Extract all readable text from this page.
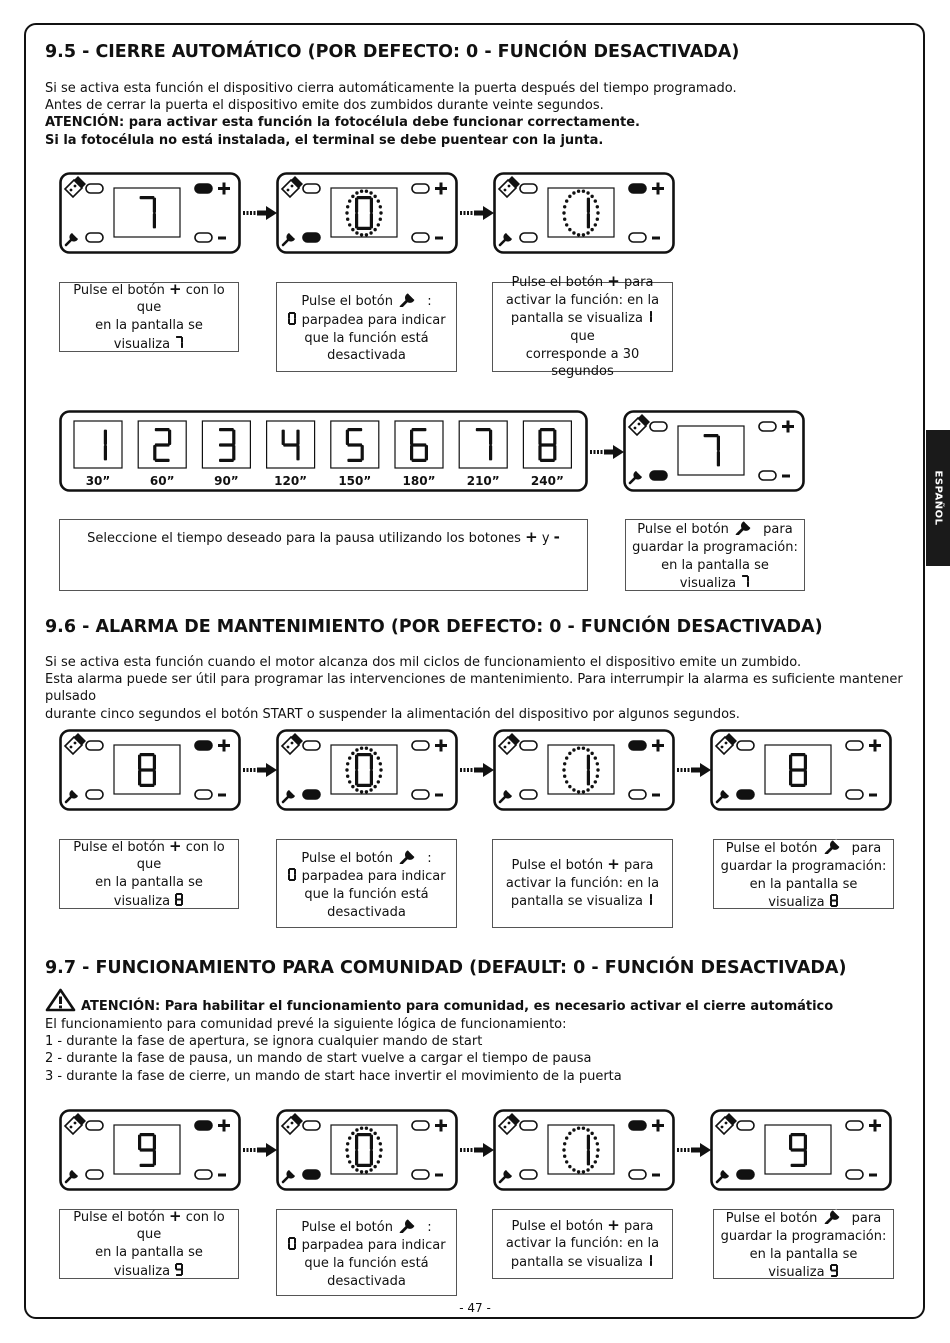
ESPAÑOL
9.5 - CIERRE AUTOMÁTICO (POR DEFECTO: 0 - FUNCIÓN DESACTIVADA)

Si se activa esta función el dispositivo cierra automáticamente la puerta después del tiempo programado.

Antes de cerrar la puerta el dispositivo emite dos zumbidos durante veinte segundos.

ATENCIÓN: para activar esta función la fotocélula debe funcionar correctamente.

Si la fotocélula no está instalada, el terminal se debe puentear con la junta.

Pulse el botón + con lo que
en la pantalla se visualiza
Pulse el botón  :
parpadea para indicar
que la función está
desactivada
Pulse el botón + para
activar la función: en la
pantalla se visualiza  que
corresponde a 30 segundos
30”	60”	90”	120”	150”	180”	210”	240”
Seleccione el tiempo deseado para la pausa utilizando los botones + y -	Pulse el botón	para
guardar la programación:
en la pantalla se visualiza
9.6 - ALARMA DE MANTENIMIENTO (POR DEFECTO: 0 - FUNCIÓN DESACTIVADA)

Si se activa esta función cuando el motor alcanza dos mil ciclos de funcionamiento el dispositivo emite un zumbido.

Esta alarma puede ser útil para programar las intervenciones de mantenimiento. Para interrumpir la alarma es suficiente mantener pulsado

durante cinco segundos el botón START o suspender la alimentación del dispositivo por algunos segundos.

Pulse el botón + con lo que
en la pantalla se visualiza
Pulse el botón  :
parpadea para indicar
que la función está
desactivada
Pulse el botón + para
activar la función: en la
pantalla se visualiza
Pulse el botón	para
guardar la programación:
en la pantalla se visualiza
9.7 - FUNCIONAMIENTO PARA COMUNIDAD (DEFAULT: 0 - FUNCIÓN DESACTIVADA)

ATENCIÓN: Para habilitar el funcionamiento para comunidad, es necesario activar el cierre automático

El funcionamiento para comunidad prevé la siguiente lógica de funcionamiento:

1 - durante la fase de apertura, se ignora cualquier mando de start

2 - durante la fase de pausa, un mando de start vuelve a cargar el tiempo de pausa

3 - durante la fase de cierre, un mando de start hace invertir el movimiento de la puerta

Pulse el botón + con lo que
en la pantalla se visualiza
Pulse el botón  :
parpadea para indicar
que la función está
desactivada
Pulse el botón + para
activar la función: en la
pantalla se visualiza
Pulse el botón	para
guardar la programación:
en la pantalla se visualiza
- 47 -
